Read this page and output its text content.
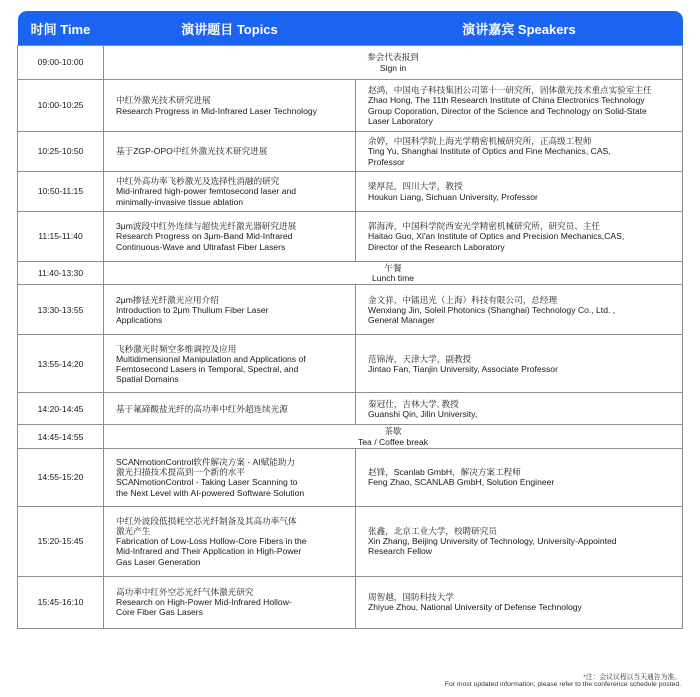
时间 Time	演讲题目 Topics	演讲嘉宾 Speakers
09:00-10:00	参会代表报到
Sign in	

10:00-10:25	中红外激光技术研究进展
Research Progress in Mid-Infrared Laser Technology	赵鸿，中国电子科技集团公司第十一研究所，固体激光技术重点实验室主任
Zhao Hong, The 11th Research Institute of China Electronics Technology
Group Coporation, Director of the Science and Technology on Solid-State
Laser Laboratory

10:25-10:50	基于ZGP-OPO中红外激光技术研究进展	余婷，中国科学院上海光学精密机械研究所，正高级工程师
Ting Yu, Shanghai Institute of Optics and Fine Mechanics, CAS,
Professor

10:50-11:15	中红外高功率飞秒激光及选择性消融的研究
Mid-infrared high-power femtosecond laser and
minimally-invasive tissue ablation	梁厚昆，四川大学，教授
Houkun Liang, Sichuan University, Professor

11:15-11:40	3μm波段中红外连续与超快光纤激光器研究进展
Research Progress on 3μm-Band Mid-Infrared
Continuous-Wave and Ultrafast Fiber Lasers	郭海涛，中国科学院西安光学精密机械研究所，研究员、主任
Haitao Guo, Xi'an Institute of Optics and Precision Mechanics,CAS,
Director of the Research Laboratory

11:40-13:30	午餐
Lunch time	

13:30-13:55	2μm掺铥光纤激光应用介绍
Introduction to 2μm Thulium Fiber Laser
Applications	金文祥，中镭迅光（上海）科技有限公司，总经理
Wenxiang Jin, Soleil Photonics (Shanghai) Technology Co., Ltd. ,
General Manager

13:55-14:20	飞秒激光时频空多维调控及应用
Multidimensional Manipulation and Applications of
Femtosecond Lasers in Temporal, Spectral, and
Spatial Domains	范锦涛，天津大学，副教授
Jintao Fan, Tianjin University, Associate Professor

14:20-14:45	基于氟碲酸盐光纤的高功率中红外超连续光源	秦冠仕，吉林大学, 教授
Guanshi Qin, Jilin University,

14:45-14:55	茶歇
Tea / Coffee break	

14:55-15:20	SCANmotionControl软件解决方案 - AI赋能助力
激光扫描技术提高到一个新的水平
SCANmotionControl - Taking Laser Scanning to
the Next Level with AI-powered Software Solution	赵锋，Scanlab GmbH，解决方案工程师
Feng Zhao, SCANLAB GmbH, Solution Engineer

15:20-15:45	中红外波段低损耗空芯光纤制备及其高功率气体
激光产生
Fabrication of Low-Loss Hollow-Core Fibers in the
Mid-Infrared and Their Application in High-Power
Gas Laser Generation	张鑫，北京工业大学，校聘研究员
Xin Zhang, Beijing University of Technology, University-Appointed
Research Fellow

15:45-16:10	高功率中红外空芯光纤气体激光研究
Research on High-Power Mid-Infrared Hollow-
Core Fiber Gas Lasers	周智越，国防科技大学
Zhiyue Zhou, National University of Defense Technology
*注：会议议程以当天通告为准。
For most updated information, please refer to the conference schedule posted.
